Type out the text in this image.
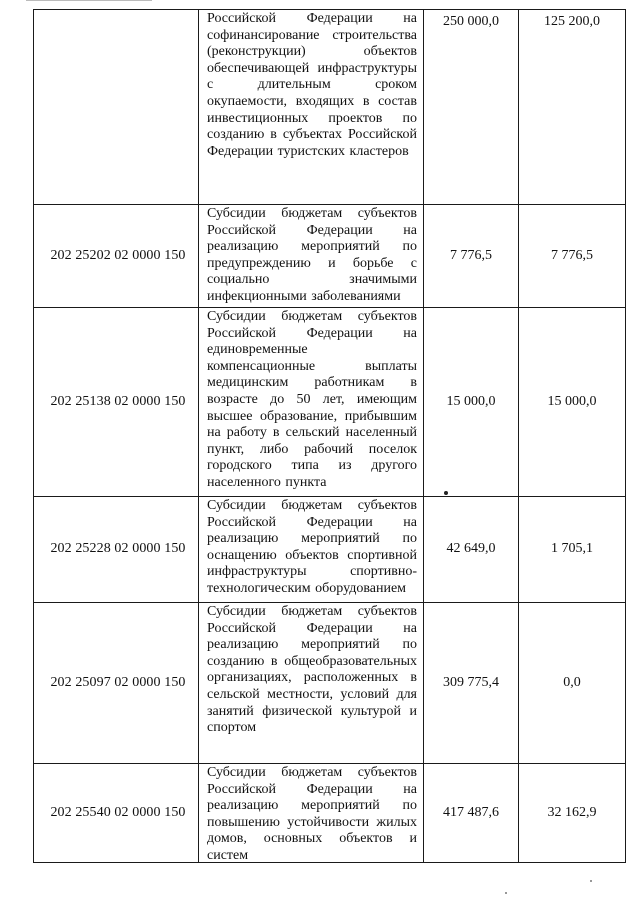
	Российской Федерации на софинансирование строительства (реконструкции) объектов обеспечивающей инфраструктуры с длительным сроком окупаемости, входящих в состав инвестиционных проектов по созданию в субъектах Российской Федерации туристских кластеров	250 000,0	125 200,0
202 25202 02 0000 150	Субсидии бюджетам субъектов Российской Федерации на реализацию мероприятий по предупреждению и борьбе с социально значимыми инфекционными заболеваниями	7 776,5	7 776,5
202 25138 02 0000 150	Субсидии бюджетам субъектов Российской Федерации на единовременные компенсационные выплаты медицинским работникам в возрасте до 50 лет, имеющим высшее образование, прибывшим на работу в сельский населенный пункт, либо рабочий поселок городского типа из другого населенного пункта	15 000,0	15 000,0
202 25228 02 0000 150	Субсидии бюджетам субъектов Российской Федерации на реализацию мероприятий по оснащению объектов спортивной инфраструктуры спортивно-технологическим оборудованием	42 649,0	1 705,1
202 25097 02 0000 150	Субсидии бюджетам субъектов Российской Федерации на реализацию мероприятий по созданию в общеобразовательных организациях, расположенных в сельской местности, условий для занятий физической культурой и спортом	309 775,4	0,0
202 25540 02 0000 150	Субсидии бюджетам субъектов Российской Федерации на реализацию мероприятий по повышению устойчивости жилых домов, основных объектов и систем	417 487,6	32 162,9
